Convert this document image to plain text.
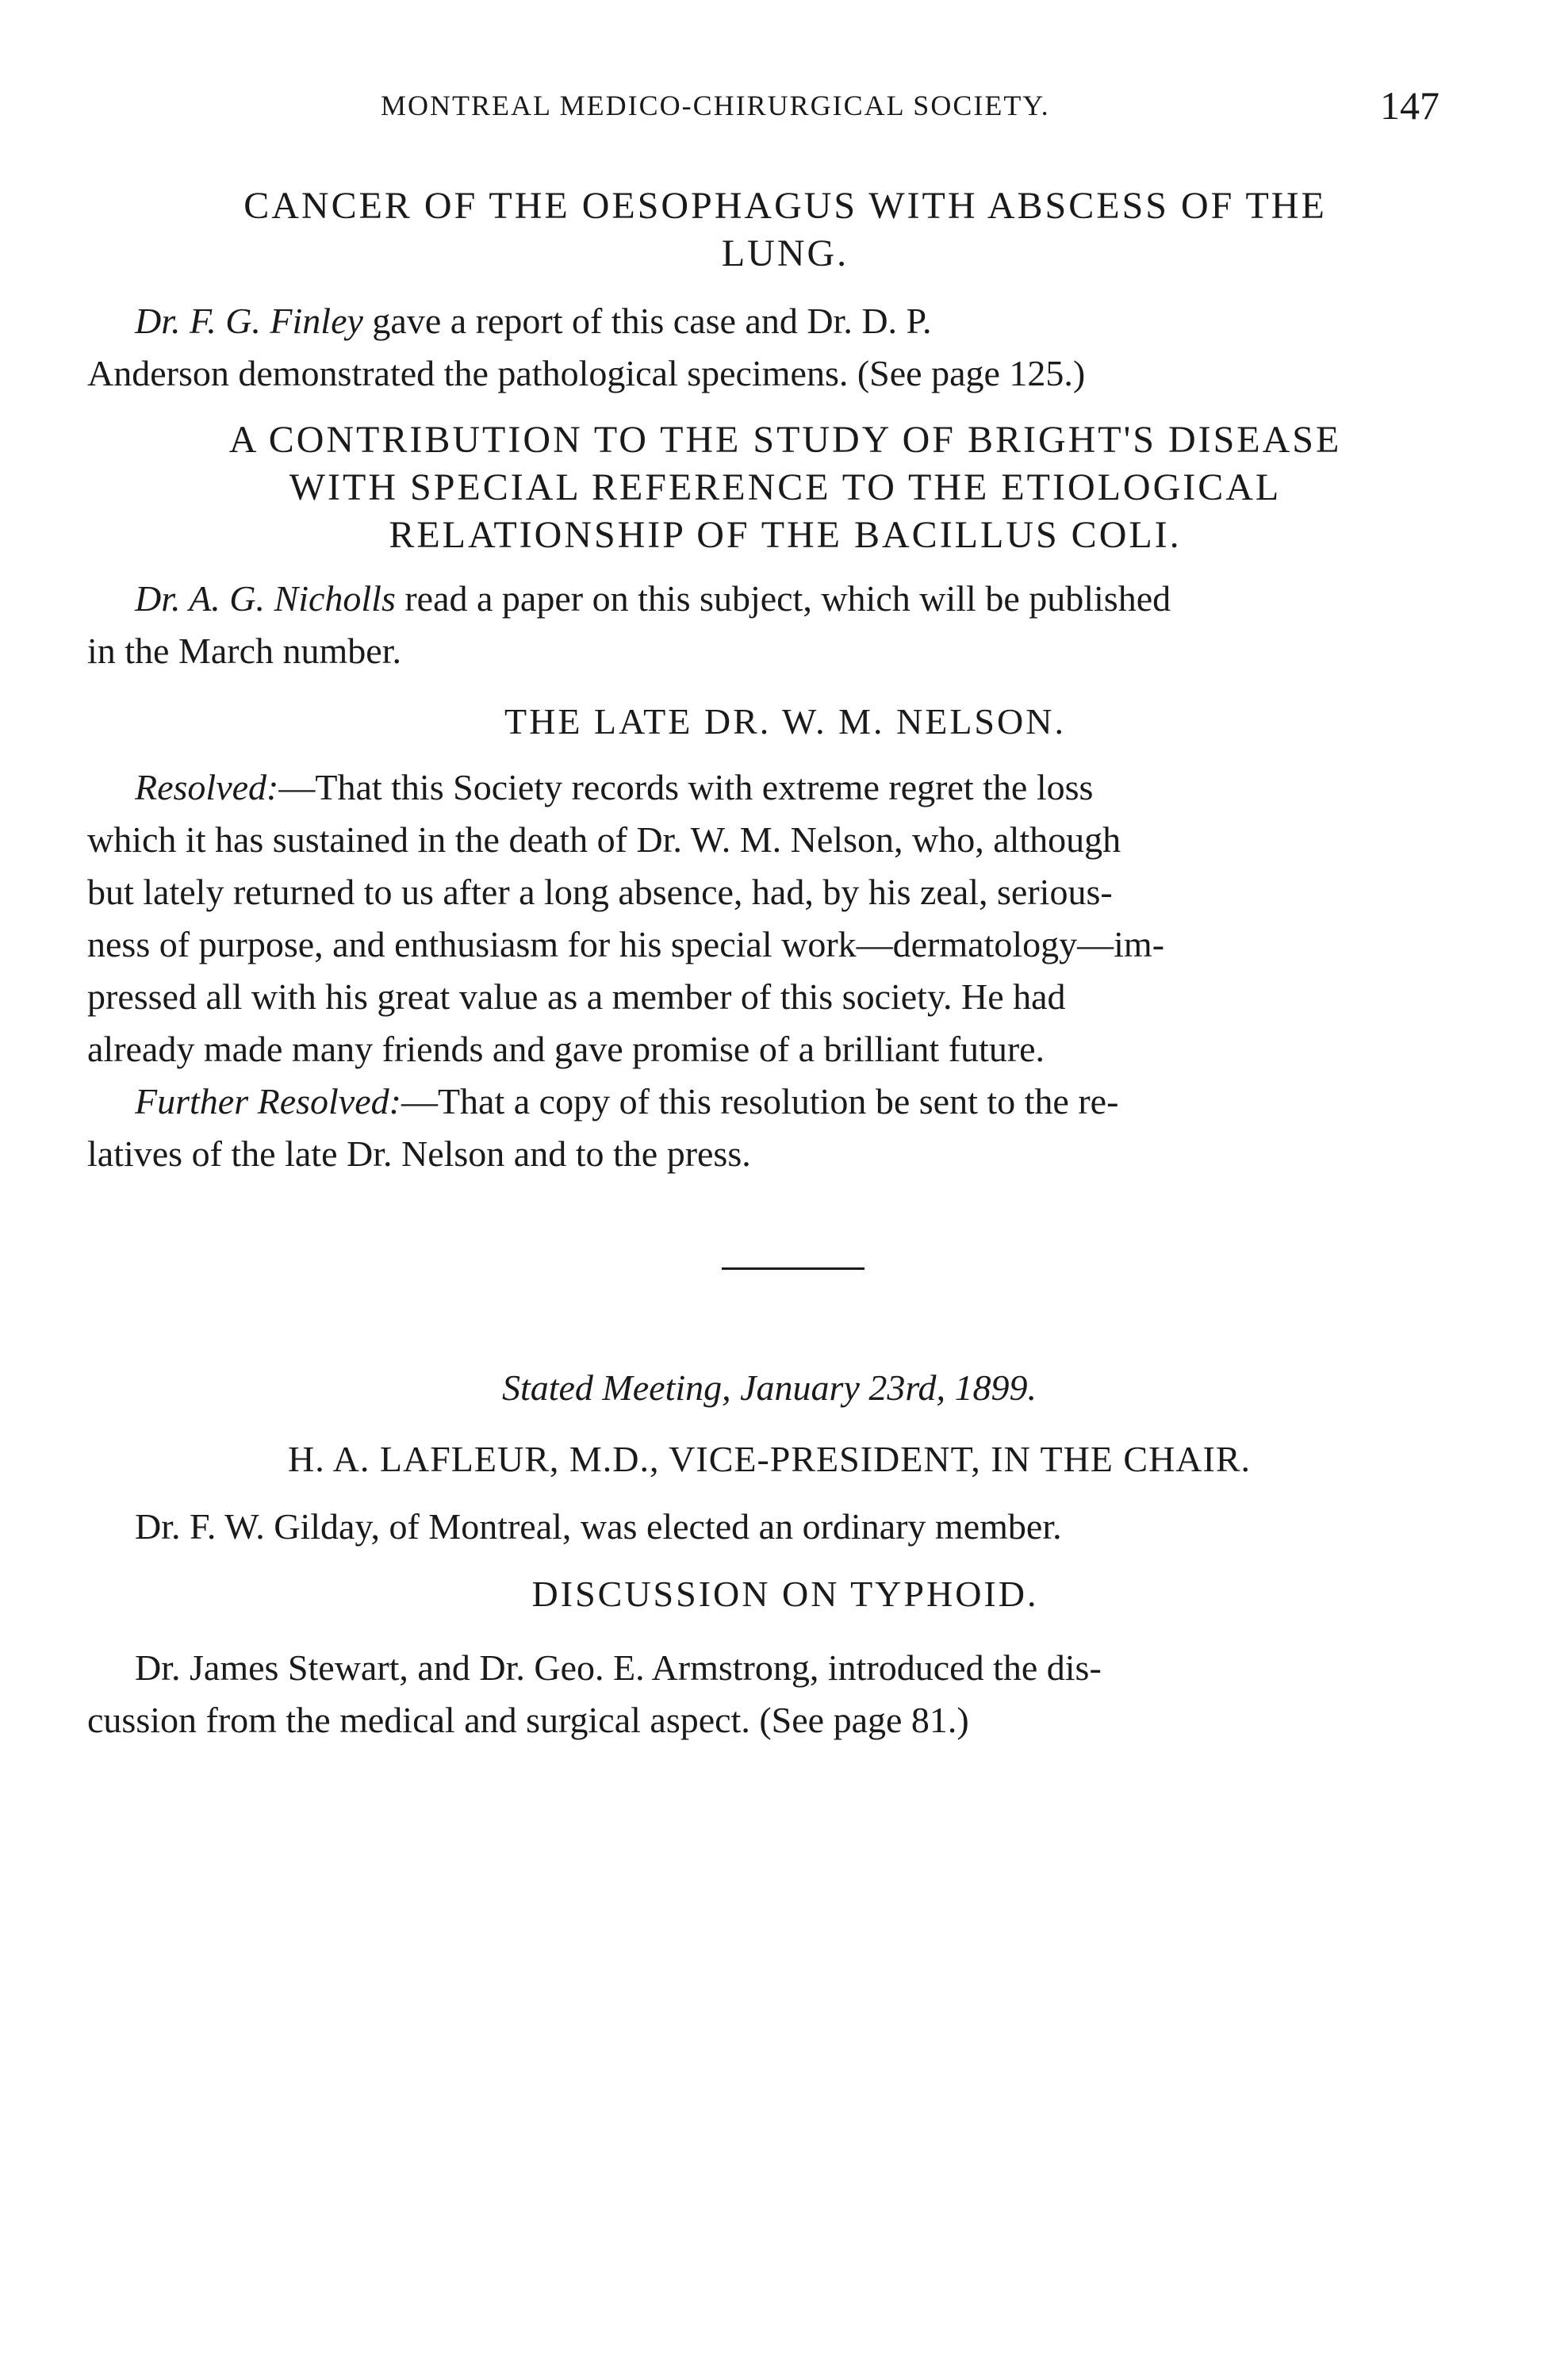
MONTREAL MEDICO-CHIRURGICAL SOCIETY.	147
CANCER OF THE OESOPHAGUS WITH ABSCESS OF THE
LUNG.
Dr. F. G. Finley gave a report of this case and Dr. D. P.
Anderson demonstrated the pathological specimens. (See page 125.)
A CONTRIBUTION TO THE STUDY OF BRIGHT'S DISEASE
WITH SPECIAL REFERENCE TO THE ETIOLOGICAL
RELATIONSHIP OF THE BACILLUS COLI.
Dr. A. G. Nicholls read a paper on this subject, which will be published
in the March number.
THE LATE DR. W. M. NELSON.
Resolved:—That this Society records with extreme regret the loss
which it has sustained in the death of Dr. W. M. Nelson, who, although
but lately returned to us after a long absence, had, by his zeal, serious-
ness of purpose, and enthusiasm for his special work—dermatology—im-
pressed all with his great value as a member of this society. He had
already made many friends and gave promise of a brilliant future.
Further Resolved:—That a copy of this resolution be sent to the re-
latives of the late Dr. Nelson and to the press.
Stated Meeting, January 23rd, 1899.
H. A. LAFLEUR, M.D., VICE-PRESIDENT, IN THE CHAIR.
Dr. F. W. Gilday, of Montreal, was elected an ordinary member.
DISCUSSION ON TYPHOID.
Dr. James Stewart, and Dr. Geo. E. Armstrong, introduced the dis-
cussion from the medical and surgical aspect. (See page 81.)
